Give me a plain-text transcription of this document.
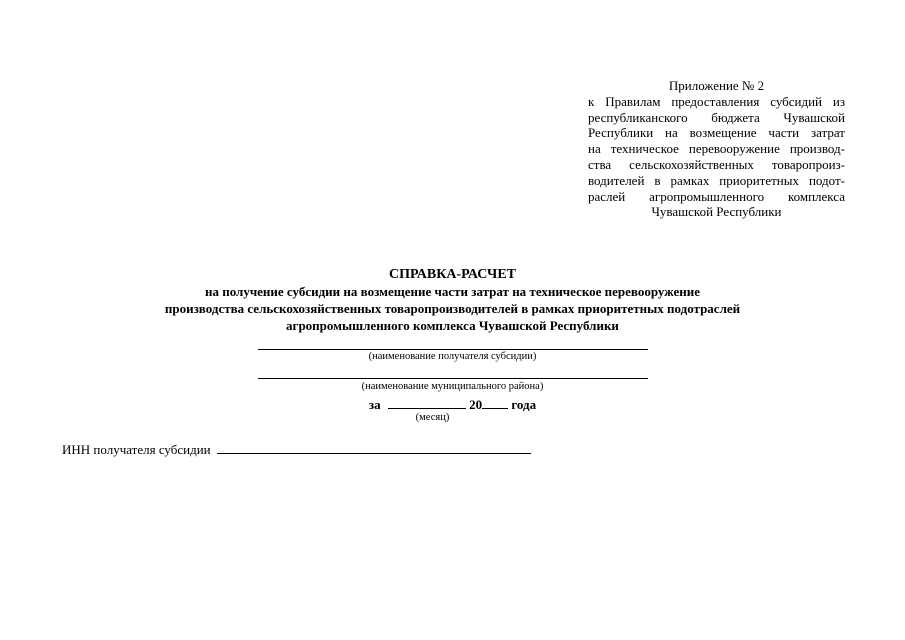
Приложение № 2
к Правилам предоставления субсидий из
республиканского бюджета Чувашской
Республики на возмещение части затрат
на техническое перевооружение производ-
ства сельскохозяйственных товаропроиз-
водителей в рамках приоритетных подот-
раслей агропромышленного комплекса
Чувашской Республики
СПРАВКА-РАСЧЕТ
на получение субсидии на возмещение части затрат на техническое перевооружение
производства сельскохозяйственных товаропроизводителей в рамках приоритетных подотраслей
агропромышленного комплекса Чувашской Республики
(наименование получателя субсидии)
(наименование муниципального района)
за	20 года
(месяц)
ИНН получателя субсидии
